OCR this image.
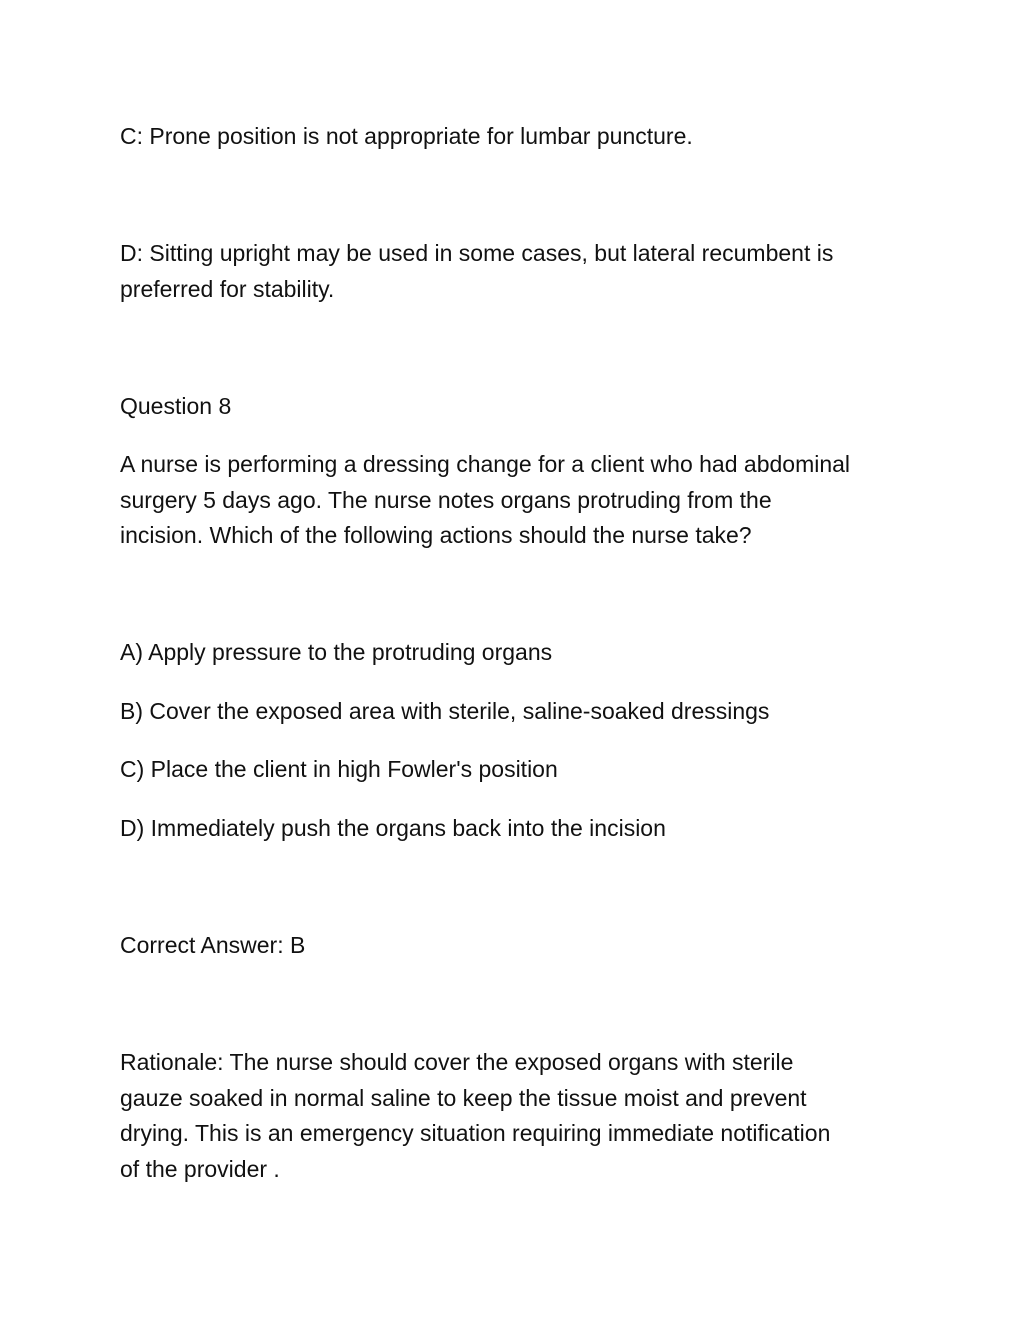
C: Prone position is not appropriate for lumbar puncture.

D: Sitting upright may be used in some cases, but lateral recumbent is

preferred for stability.

Question 8

A nurse is performing a dressing change for a client who had abdominal

surgery 5 days ago. The nurse notes organs protruding from the

incision. Which of the following actions should the nurse take?

A) Apply pressure to the protruding organs

B) Cover the exposed area with sterile, saline-soaked dressings

C) Place the client in high Fowler's position

D) Immediately push the organs back into the incision

Correct Answer: B

Rationale: The nurse should cover the exposed organs with sterile

gauze soaked in normal saline to keep the tissue moist and prevent

drying. This is an emergency situation requiring immediate notification

of the provider .
